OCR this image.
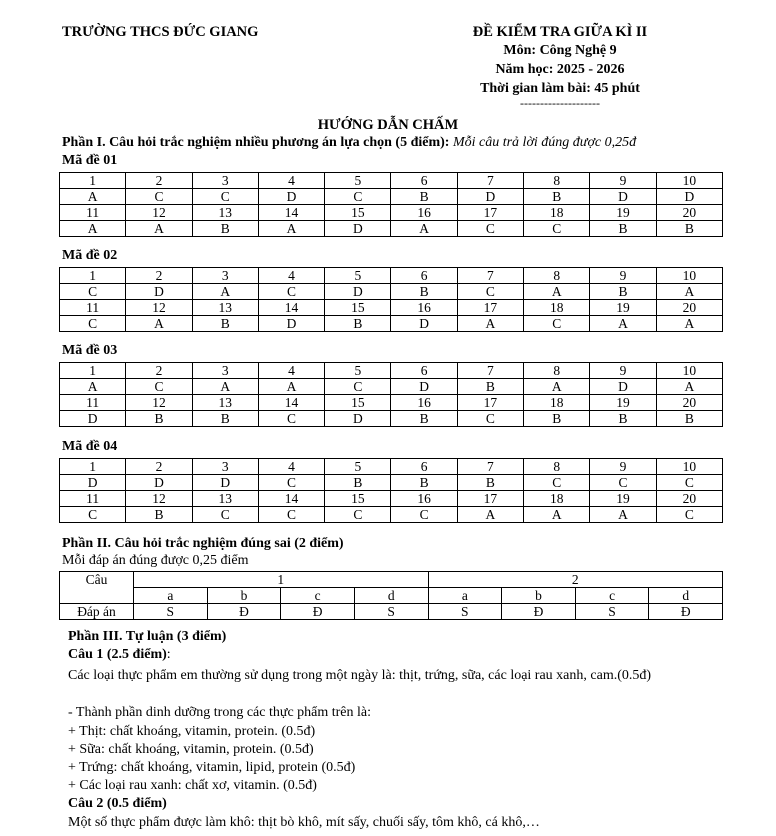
TRƯỜNG THCS ĐỨC GIANG	ĐỀ KIỂM TRA GIỮA KÌ II
Môn: Công Nghệ 9
Năm học: 2025 - 2026
Thời gian làm bài: 45 phút
--------------------
HƯỚNG DẪN CHẤM
Phần I. Câu hỏi trắc nghiệm nhiều phương án lựa chọn (5 điểm): Mỗi câu trả lời đúng được 0,25đ
Mã đề 01
1	2	3	4	5	6	7	8	9	10
A	C	C	D	C	B	D	B	D	D
11	12	13	14	15	16	17	18	19	20
A	A	B	A	D	A	C	C	B	B
Mã đề 02
1	2	3	4	5	6	7	8	9	10
C	D	A	C	D	B	C	A	B	A
11	12	13	14	15	16	17	18	19	20
C	A	B	D	B	D	A	C	A	A
Mã đề 03
1	2	3	4	5	6	7	8	9	10
A	C	A	A	C	D	B	A	D	A
11	12	13	14	15	16	17	18	19	20
D	B	B	C	D	B	C	B	B	B
Mã đề 04
1	2	3	4	5	6	7	8	9	10
D	D	D	C	B	B	B	C	C	C
11	12	13	14	15	16	17	18	19	20
C	B	C	C	C	C	A	A	A	C
Phần II. Câu hỏi trắc nghiệm đúng sai (2 điểm)
Mỗi đáp án đúng được 0,25 điểm
Câu	1				2			
	a	b	c	d	a	b	c	d
Đáp án	S	Đ	Đ	S	S	Đ	S	Đ
Phần III. Tự luận (3 điểm)
Câu 1 (2.5 điểm):
Các loại thực phẩm em thường sử dụng trong một ngày là: thịt, trứng, sữa, các loại rau xanh, cam.(0.5đ)
- Thành phần dinh dưỡng trong các thực phẩm trên là:
+ Thịt: chất khoáng, vitamin, protein. (0.5đ)
+ Sữa: chất khoáng, vitamin, protein. (0.5đ)
+ Trứng: chất khoáng, vitamin, lipid, protein (0.5đ)
+ Các loại rau xanh: chất xơ, vitamin. (0.5đ)
Câu 2 (0.5 điểm)
Một số thực phẩm được làm khô: thịt bò khô, mít sấy, chuối sấy, tôm khô, cá khô,…
